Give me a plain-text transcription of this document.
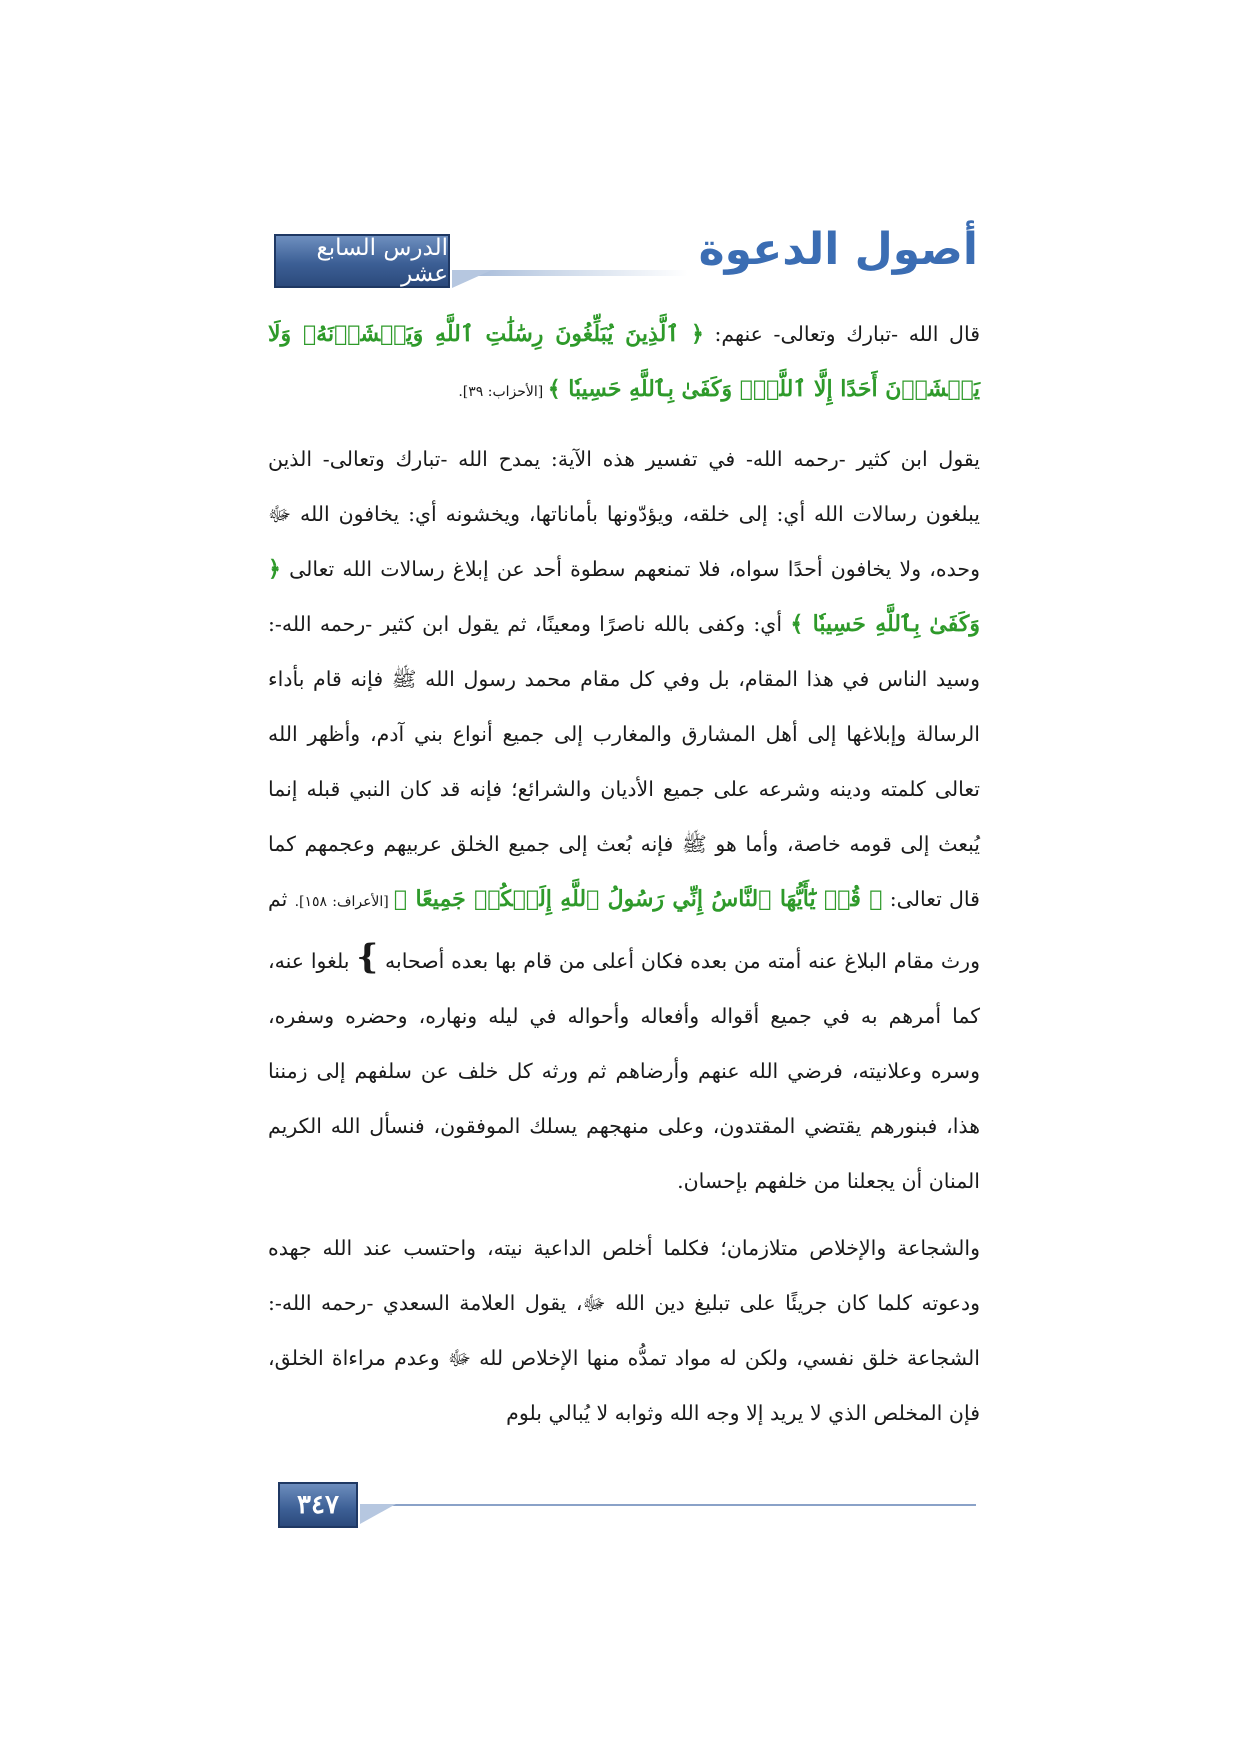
الدرس السابع عشر	أصول الدعوة

قال الله -تبارك وتعالى- عنهم: ﴿ ٱلَّذِينَ يُبَلِّغُونَ رِسَٰلَٰتِ ٱللَّهِ وَيَخۡشَوۡنَهُۥ وَلَا يَخۡشَوۡنَ أَحَدًا إِلَّا ٱللَّهَۗ وَكَفَىٰ بِٱللَّهِ حَسِيبٗا ﴾ [الأحزاب: ٣٩].

يقول ابن كثير -رحمه الله- في تفسير هذه الآية: يمدح الله -تبارك وتعالى- الذين يبلغون رسالات الله أي: إلى خلقه، ويؤدّونها بأماناتها، ويخشونه أي: يخافون الله ﷻ وحده، ولا يخافون أحدًا سواه، فلا تمنعهم سطوة أحد عن إبلاغ رسالات الله تعالى ﴿ وَكَفَىٰ بِٱللَّهِ حَسِيبٗا ﴾ أي: وكفى بالله ناصرًا ومعينًا، ثم يقول ابن كثير -رحمه الله-: وسيد الناس في هذا المقام، بل وفي كل مقام محمد رسول الله ﷺ فإنه قام بأداء الرسالة وإبلاغها إلى أهل المشارق والمغارب إلى جميع أنواع بني آدم، وأظهر الله تعالى كلمته ودينه وشرعه على جميع الأديان والشرائع؛ فإنه قد كان النبي قبله إنما يُبعث إلى قومه خاصة، وأما هو ﷺ فإنه بُعث إلى جميع الخلق عربيهم وعجمهم كما قال تعالى: ﴿ قُلۡ يَٰٓأَيُّهَا ٱلنَّاسُ إِنِّي رَسُولُ ٱللَّهِ إِلَيۡكُمۡ جَمِيعًا ﴾ [الأعراف: ١٥٨]. ثم ورث مقام البلاغ عنه أمته من بعده فكان أعلى من قام بها بعده أصحابه } بلغوا عنه، كما أمرهم به في جميع أقواله وأفعاله وأحواله في ليله ونهاره، وحضره وسفره، وسره وعلانيته، فرضي الله عنهم وأرضاهم ثم ورثه كل خلف عن سلفهم إلى زمننا هذا، فبنورهم يقتضي المقتدون، وعلى منهجهم يسلك الموفقون، فنسأل الله الكريم المنان أن يجعلنا من خلفهم بإحسان.

والشجاعة والإخلاص متلازمان؛ فكلما أخلص الداعية نيته، واحتسب عند الله جهده ودعوته كلما كان جريئًا على تبليغ دين الله ﷻ، يقول العلامة السعدي -رحمه الله-: الشجاعة خلق نفسي، ولكن له مواد تمدُّه منها الإخلاص لله ﷻ وعدم مراءاة الخلق، فإن المخلص الذي لا يريد إلا وجه الله وثوابه لا يُبالي بلوم

٣٤٧
